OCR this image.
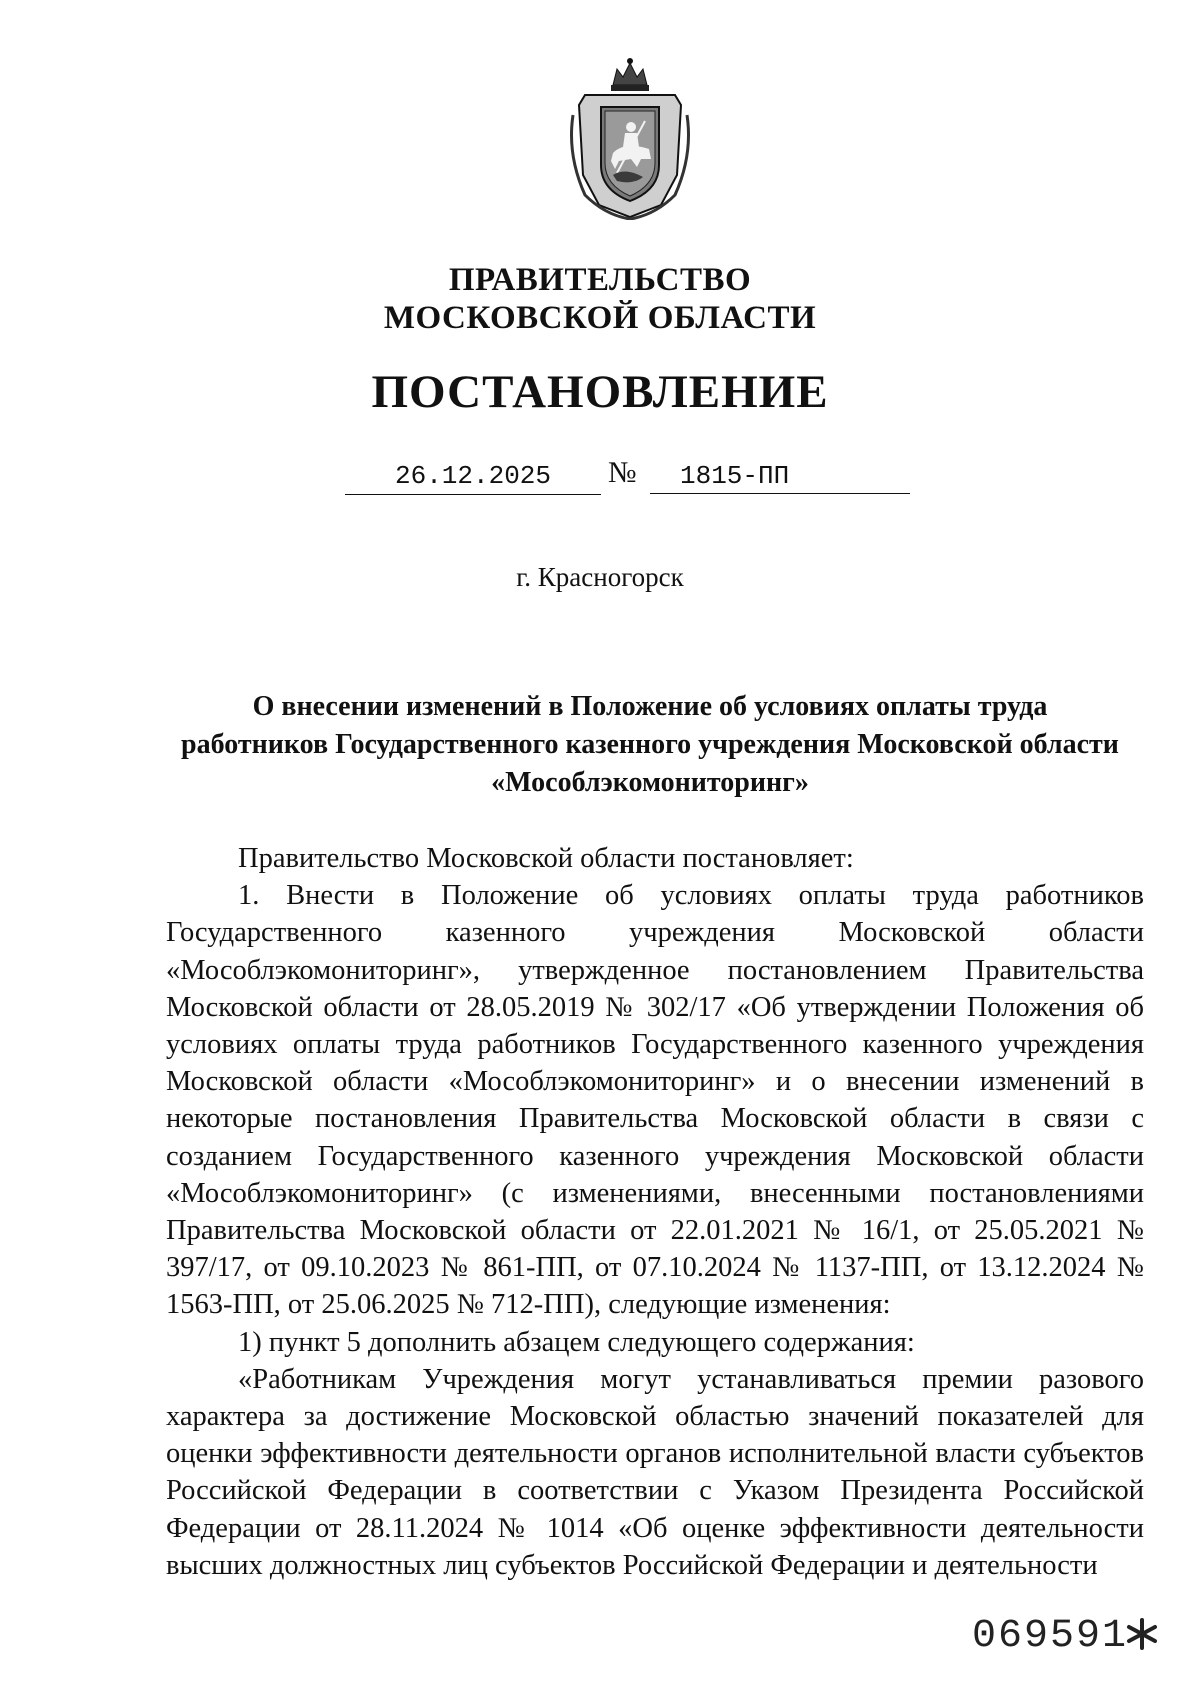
ПРАВИТЕЛЬСТВО
МОСКОВСКОЙ ОБЛАСТИ
ПОСТАНОВЛЕНИЕ
26.12.2025	№	1815-ПП
г. Красногорск
О внесении изменений в Положение об условиях оплаты труда
работников Государственного казенного учреждения Московской области
«Мособлэкомониторинг»

Правительство Московской области постановляет:

1. Внести в Положение об условиях оплаты труда работников Государственного казенного учреждения Московской области «Мособлэкомониторинг», утвержденное постановлением Правительства Московской области от 28.05.2019 № 302/17 «Об утверждении Положения об условиях оплаты труда работников Государственного казенного учреждения Московской области «Мособлэкомониторинг» и о внесении изменений в некоторые постановления Правительства Московской области в связи с созданием Государственного казенного учреждения Московской области «Мособлэкомониторинг» (с изменениями, внесенными постановлениями Правительства Московской области от 22.01.2021 № 16/1, от 25.05.2021 № 397/17, от 09.10.2023 № 861-ПП, от 07.10.2024 № 1137-ПП, от 13.12.2024 № 1563-ПП, от 25.06.2025 № 712-ПП), следующие изменения:

1) пункт 5 дополнить абзацем следующего содержания:

«Работникам Учреждения могут устанавливаться премии разового характера за достижение Московской областью значений показателей для оценки эффективности деятельности органов исполнительной власти субъектов Российской Федерации в соответствии с Указом Президента Российской Федерации от 28.11.2024 № 1014 «Об оценке эффективности деятельности высших должностных лиц субъектов Российской Федерации и деятельности

069591
